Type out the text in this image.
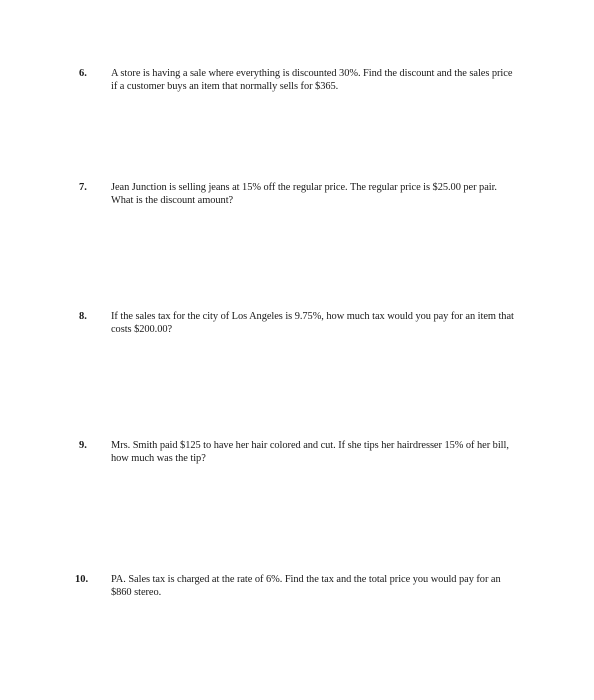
6.	A store is having a sale where everything is discounted 30%. Find the discount and the sales price if a customer buys an item that normally sells for $365.
7.	Jean Junction is selling jeans at 15% off the regular price. The regular price is $25.00 per pair. What is the discount amount?
8.	If the sales tax for the city of Los Angeles is 9.75%, how much tax would you pay for an item that costs $200.00?
9.	Mrs. Smith paid $125 to have her hair colored and cut. If she tips her hairdresser 15% of her bill, how much was the tip?
10.	PA. Sales tax is charged at the rate of 6%. Find the tax and the total price you would pay for an $860 stereo.
